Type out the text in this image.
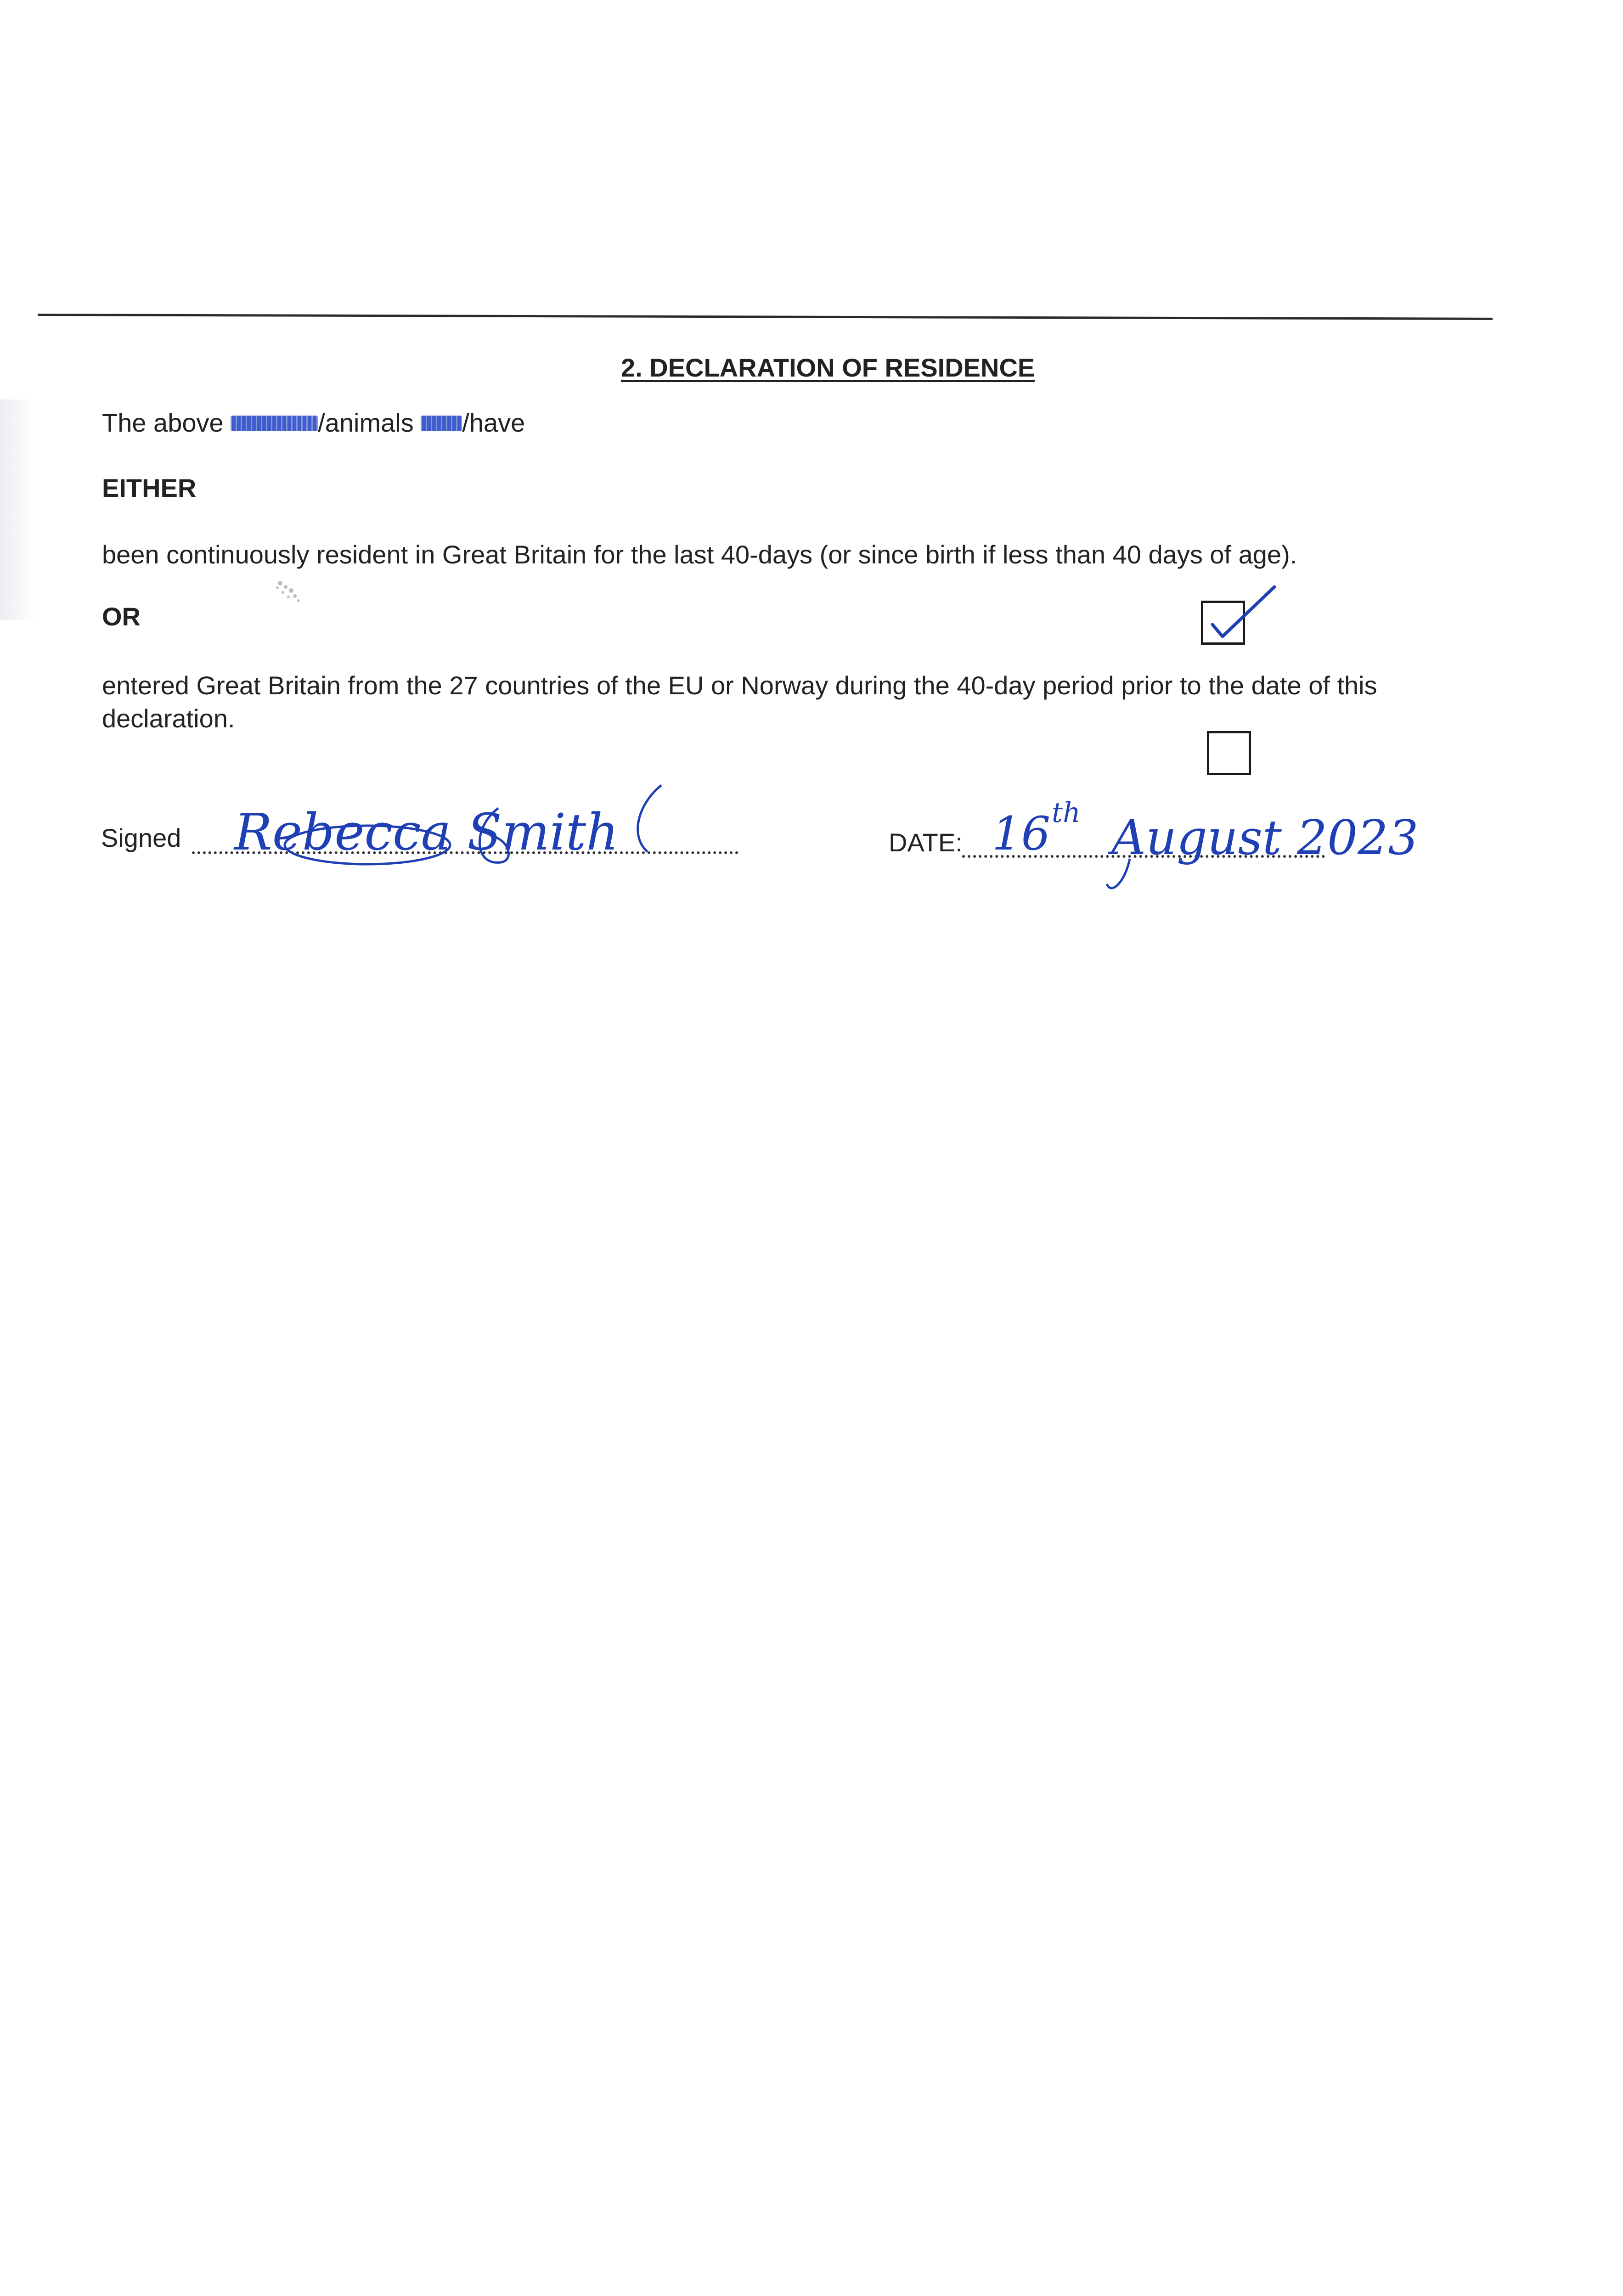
2. DECLARATION OF RESIDENCE
The above	/animals /have
EITHER
been continuously resident in Great Britain for the last 40-days (or since birth if less than 40 days of age).
OR
entered Great Britain from the 27 countries of the EU or Norway during the 40-day period prior to the date of this
declaration.
Signed Rebecca Smith	DATE: 16 th August 2023
